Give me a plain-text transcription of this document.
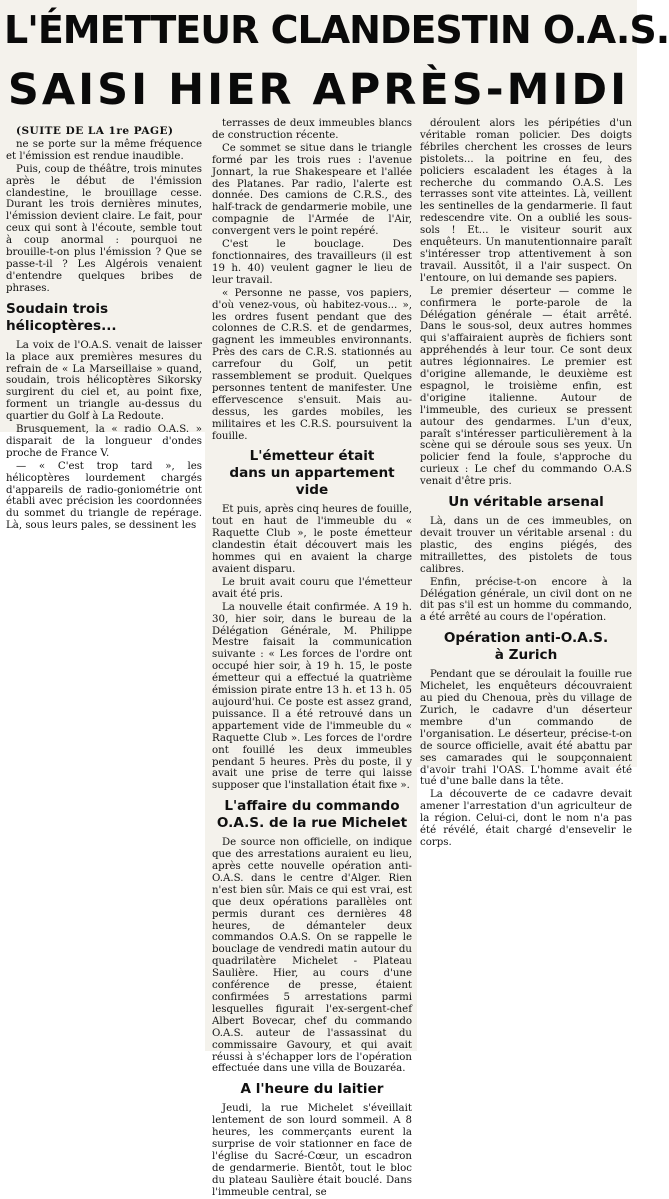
L'ÉMETTEUR CLANDESTIN O.A.S.
SAISI HIER APRÈS-MIDI

(SUITE DE LA 1re PAGE)

ne se porte sur la même fréquence et l'émission est rendue inaudible.

Puis, coup de théâtre, trois minutes après le début de l'émission clandestine, le brouillage cesse. Durant les trois dernières minutes, l'émission devient claire. Le fait, pour ceux qui sont à l'écoute, semble tout à coup anormal : pourquoi ne brouille-t-on plus l'émission ? Que se passe-t-il ? Les Algérois venaient d'entendre quelques bribes de phrases.

Soudain trois hélicoptères...

La voix de l'O.A.S. venait de laisser la place aux premières mesures du refrain de « La Marseillaise » quand, soudain, trois hélicoptères Sikorsky surgirent du ciel et, au point fixe, forment un triangle au-dessus du quartier du Golf à La Redoute.

Brusquement, la « radio O.A.S. » disparait de la longueur d'ondes proche de France V.

— « C'est trop tard », les hélicoptères lourdement chargés d'appareils de radio-goniométrie ont établi avec précision les coordonnées du sommet du triangle de repérage. Là, sous leurs pales, se dessinent les

terrasses de deux immeubles blancs de construction récente.

Ce sommet se situe dans le triangle formé par les trois rues : l'avenue Jonnart, la rue Shakespeare et l'allée des Platanes. Par radio, l'alerte est donnée. Des camions de C.R.S., des half-track de gendarmerie mobile, une compagnie de l'Armée de l'Air, convergent vers le point repéré.

C'est le bouclage. Des fonctionnaires, des travailleurs (il est 19 h. 40) veulent gagner le lieu de leur travail.

« Personne ne passe, vos papiers, d'où venez-vous, où habitez-vous... », les ordres fusent pendant que des colonnes de C.R.S. et de gendarmes, gagnent les immeubles environnants. Près des cars de C.R.S. stationnés au carrefour du Golf, un petit rassemblement se produit. Quelques personnes tentent de manifester. Une effervescence s'ensuit. Mais au-dessus, les gardes mobiles, les militaires et les C.R.S. poursuivent la fouille.

L'émetteur était
dans un appartement vide

Et puis, après cinq heures de fouille, tout en haut de l'immeuble du « Raquette Club », le poste émetteur clandestin était découvert mais les hommes qui en avaient la charge avaient disparu.

Le bruit avait couru que l'émetteur avait été pris.

La nouvelle était confirmée. A 19 h. 30, hier soir, dans le bureau de la Délégation Générale, M. Philippe Mestre faisait la communication suivante : « Les forces de l'ordre ont occupé hier soir, à 19 h. 15, le poste émetteur qui a effectué la quatrième émission pirate entre 13 h. et 13 h. 05 aujourd'hui. Ce poste est assez grand, puissance. Il a été retrouvé dans un appartement vide de l'immeuble du « Raquette Club ». Les forces de l'ordre ont fouillé les deux immeubles pendant 5 heures. Près du poste, il y avait une prise de terre qui laisse supposer que l'installation était fixe ».

L'affaire du commando
O.A.S. de la rue Michelet

De source non officielle, on indique que des arrestations auraient eu lieu, après cette nouvelle opération anti-O.A.S. dans le centre d'Alger. Rien n'est bien sûr. Mais ce qui est vrai, est que deux opérations parallèles ont permis durant ces dernières 48 heures, de démanteler deux commandos O.A.S. On se rappelle le bouclage de vendredi matin autour du quadrilatère Michelet - Plateau Saulière. Hier, au cours d'une conférence de presse, étaient confirmées 5 arrestations parmi lesquelles figurait l'ex-sergent-chef Albert Bovecar, chef du commando O.A.S. auteur de l'assassinat du commissaire Gavoury, et qui avait réussi à s'échapper lors de l'opération effectuée dans une villa de Bouzaréa.

A l'heure du laitier

Jeudi, la rue Michelet s'éveillait lentement de son lourd sommeil. A 8 heures, les commerçants eurent la surprise de voir stationner en face de l'église du Sacré-Cœur, un escadron de gendarmerie. Bientôt, tout le bloc du plateau Saulière était bouclé. Dans l'immeuble central, se

déroulent alors les péripéties d'un véritable roman policier. Des doigts fébriles cherchent les crosses de leurs pistolets... la poitrine en feu, des policiers escaladent les étages à la recherche du commando O.A.S. Les terrasses sont vite atteintes. Là, veillent les sentinelles de la gendarmerie. Il faut redescendre vite. On a oublié les sous-sols ! Et... le visiteur sourit aux enquêteurs. Un manutentionnaire paraît s'intéresser trop attentivement à son travail. Aussitôt, il a l'air suspect. On l'entoure, on lui demande ses papiers.

Le premier déserteur — comme le confirmera le porte-parole de la Délégation générale — était arrêté. Dans le sous-sol, deux autres hommes qui s'affairaient auprès de fichiers sont appréhendés à leur tour. Ce sont deux autres légionnaires. Le premier est d'origine allemande, le deuxième est espagnol, le troisième enfin, est d'origine italienne. Autour de l'immeuble, des curieux se pressent autour des gendarmes. L'un d'eux, paraît s'intéresser particulièrement à la scène qui se déroule sous ses yeux. Un policier fend la foule, s'approche du curieux : Le chef du commando O.A.S venait d'être pris.

Un véritable arsenal

Là, dans un de ces immeubles, on devait trouver un véritable arsenal : du plastic, des engins piégés, des mitraillettes, des pistolets de tous calibres.

Enfin, précise-t-on encore à la Délégation générale, un civil dont on ne dit pas s'il est un homme du commando, a été arrêté au cours de l'opération.

Opération anti-O.A.S.
à Zurich

Pendant que se déroulait la fouille rue Michelet, les enquêteurs découvraient au pied du Chenoua, près du village de Zurich, le cadavre d'un déserteur membre d'un commando de l'organisation. Le déserteur, précise-t-on de source officielle, avait été abattu par ses camarades qui le soupçonnaient d'avoir trahi l'OAS. L'homme avait été tué d'une balle dans la tête.

La découverte de ce cadavre devait amener l'arrestation d'un agriculteur de la région. Celui-ci, dont le nom n'a pas été révélé, était chargé d'ensevelir le corps.
